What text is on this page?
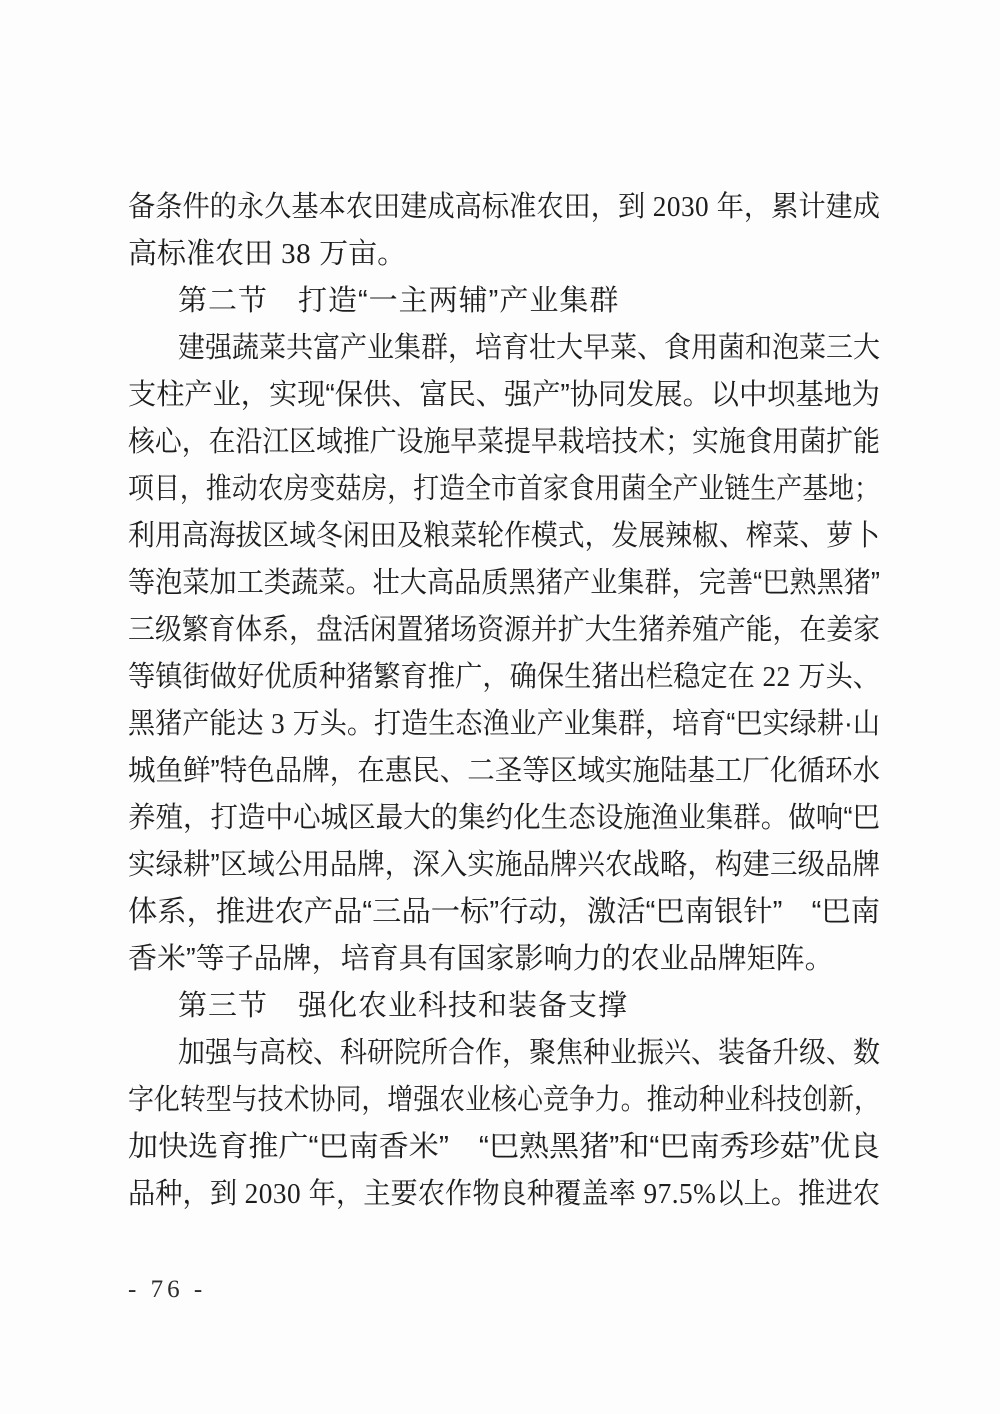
备条件的永久基本农田建成高标准农田，到 2030 年，累计建成
高标准农田 38 万亩。
第二节　打造“一主两辅”产业集群
建强蔬菜共富产业集群，培育壮大早菜、食用菌和泡菜三大
支柱产业，实现“保供、富民、强产”协同发展。以中坝基地为
核心，在沿江区域推广设施早菜提早栽培技术；实施食用菌扩能
项目，推动农房变菇房，打造全市首家食用菌全产业链生产基地；
利用高海拔区域冬闲田及粮菜轮作模式，发展辣椒、榨菜、萝卜
等泡菜加工类蔬菜。壮大高品质黑猪产业集群，完善“巴熟黑猪”
三级繁育体系，盘活闲置猪场资源并扩大生猪养殖产能，在姜家
等镇街做好优质种猪繁育推广，确保生猪出栏稳定在 22 万头、
黑猪产能达 3 万头。打造生态渔业产业集群，培育“巴实绿耕·山
城鱼鲜”特色品牌，在惠民、二圣等区域实施陆基工厂化循环水
养殖，打造中心城区最大的集约化生态设施渔业集群。做响“巴
实绿耕”区域公用品牌，深入实施品牌兴农战略，构建三级品牌
体系，推进农产品“三品一标”行动，激活“巴南银针”　“巴南
香米”等子品牌，培育具有国家影响力的农业品牌矩阵。
第三节　强化农业科技和装备支撑
加强与高校、科研院所合作，聚焦种业振兴、装备升级、数
字化转型与技术协同，增强农业核心竞争力。推动种业科技创新，
加快选育推广“巴南香米”　“巴熟黑猪”和“巴南秀珍菇”优良
品种，到 2030 年，主要农作物良种覆盖率 97.5%以上。推进农
- 76 -
